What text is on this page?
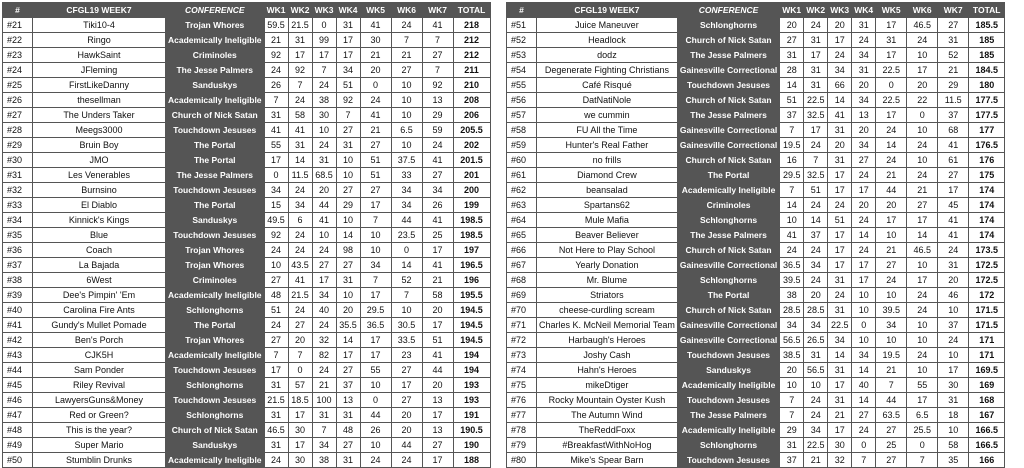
#	CFGL19 WEEK7	CONFERENCE	WK1	WK2	WK3	WK4	WK5	WK6	WK7	TOTAL
#21	Tiki10-4	Trojan Whores	59.5	21.5	0	31	41	24	41	218
#22	Ringo	Academically Ineligible	21	31	99	17	30	7	7	212
#23	HawkSaint	Criminoles	92	17	17	17	21	21	27	212
#24	JFleming	The Jesse Palmers	24	92	7	34	20	27	7	211
#25	FirstLikeDanny	Sanduskys	26	7	24	51	0	10	92	210
#26	thesellman	Academically Ineligible	7	24	38	92	24	10	13	208
#27	The Unders Taker	Church of Nick Satan	31	58	30	7	41	10	29	206
#28	Meegs3000	Touchdown Jesuses	41	41	10	27	21	6.5	59	205.5
#29	Bruin Boy	The Portal	55	31	24	31	27	10	24	202
#30	JMO	The Portal	17	14	31	10	51	37.5	41	201.5
#31	Les Venerables	The Jesse Palmers	0	11.5	68.5	10	51	33	27	201
#32	Burnsino	Touchdown Jesuses	34	24	20	27	27	34	34	200
#33	El Diablo	The Portal	15	34	44	29	17	34	26	199
#34	Kinnick's Kings	Sanduskys	49.5	6	41	10	7	44	41	198.5
#35	Blue	Touchdown Jesuses	92	24	10	14	10	23.5	25	198.5
#36	Coach	Trojan Whores	24	24	24	98	10	0	17	197
#37	La Bajada	Trojan Whores	10	43.5	27	27	34	14	41	196.5
#38	6West	Criminoles	27	41	17	31	7	52	21	196
#39	Dee's Pimpin' 'Em	Academically Ineligible	48	21.5	34	10	17	7	58	195.5
#40	Carolina Fire Ants	Schlonghorns	51	24	40	20	29.5	10	20	194.5
#41	Gundy's Mullet Pomade	The Portal	24	27	24	35.5	36.5	30.5	17	194.5
#42	Ben's Porch	Trojan Whores	27	20	32	14	17	33.5	51	194.5
#43	CJK5H	Academically Ineligible	7	7	82	17	17	23	41	194
#44	Sam Ponder	Touchdown Jesuses	17	0	24	27	55	27	44	194
#45	Riley Revival	Schlonghorns	31	57	21	37	10	17	20	193
#46	LawyersGuns&Money	Touchdown Jesuses	21.5	18.5	100	13	0	27	13	193
#47	Red or Green?	Schlonghorns	31	17	31	31	44	20	17	191
#48	This is the year?	Church of Nick Satan	46.5	30	7	48	26	20	13	190.5
#49	Super Mario	Sanduskys	31	17	34	27	10	44	27	190
#50	Stumblin Drunks	Academically Ineligible	24	30	38	31	24	24	17	188
#	CFGL19 WEEK7	CONFERENCE	WK1	WK2	WK3	WK4	WK5	WK6	WK7	TOTAL
#51	Juice Maneuver	Schlonghorns	20	24	20	31	17	46.5	27	185.5
#52	Headlock	Church of Nick Satan	27	31	17	24	31	24	31	185
#53	dodz	The Jesse Palmers	31	17	24	34	17	10	52	185
#54	Degenerate Fighting Christians	Gainesville Correctional	28	31	34	31	22.5	17	21	184.5
#55	Café Risqué	Touchdown Jesuses	14	31	66	20	0	20	29	180
#56	DatNatiNole	Church of Nick Satan	51	22.5	14	34	22.5	22	11.5	177.5
#57	we cummin	The Jesse Palmers	37	32.5	41	13	17	0	37	177.5
#58	FU All the Time	Gainesville Correctional	7	17	31	20	24	10	68	177
#59	Hunter's Real Father	Gainesville Correctional	19.5	24	20	34	14	24	41	176.5
#60	no frills	Church of Nick Satan	16	7	31	27	24	10	61	176
#61	Diamond Crew	The Portal	29.5	32.5	17	24	21	24	27	175
#62	beansalad	Academically Ineligible	7	51	17	17	44	21	17	174
#63	Spartans62	Criminoles	14	24	24	20	20	27	45	174
#64	Mule Mafia	Schlonghorns	10	14	51	24	17	17	41	174
#65	Beaver Believer	The Jesse Palmers	41	37	17	14	10	14	41	174
#66	Not Here to Play School	Church of Nick Satan	24	24	17	24	21	46.5	24	173.5
#67	Yearly Donation	Gainesville Correctional	36.5	34	17	17	27	10	31	172.5
#68	Mr. Blume	Schlonghorns	39.5	24	31	17	24	17	20	172.5
#69	Striators	The Portal	38	20	24	10	10	24	46	172
#70	cheese-curdling scream	Church of Nick Satan	28.5	28.5	31	10	39.5	24	10	171.5
#71	Charles K. McNeil Memorial Team	Gainesville Correctional	34	34	22.5	0	34	10	37	171.5
#72	Harbaugh's Heroes	Gainesville Correctional	56.5	26.5	34	10	10	10	24	171
#73	Joshy Cash	Touchdown Jesuses	38.5	31	14	34	19.5	24	10	171
#74	Hahn's Heroes	Sanduskys	20	56.5	31	14	21	10	17	169.5
#75	mikeDtiger	Academically Ineligible	10	10	17	40	7	55	30	169
#76	Rocky Mountain Oyster Kush	Touchdown Jesuses	7	24	31	14	44	17	31	168
#77	The Autumn Wind	The Jesse Palmers	7	24	21	27	63.5	6.5	18	167
#78	TheReddFoxx	Academically Ineligible	29	34	17	24	27	25.5	10	166.5
#79	#BreakfastWithNoHog	Schlonghorns	31	22.5	30	0	25	0	58	166.5
#80	Mike's Spear Barn	Touchdown Jesuses	37	21	32	7	27	7	35	166
